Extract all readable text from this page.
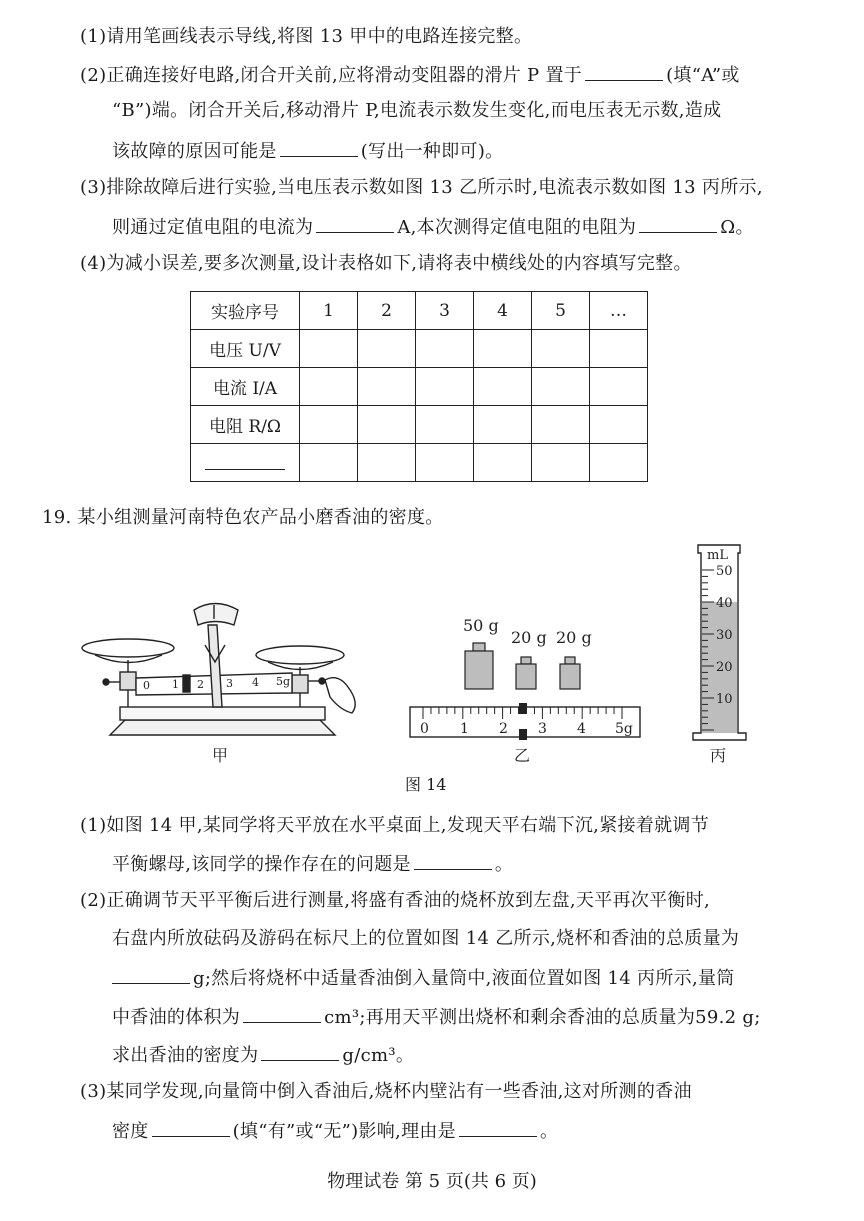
(1)请用笔画线表示导线,将图 13 甲中的电路连接完整。
(2)正确连接好电路,闭合开关前,应将滑动变阻器的滑片 P 置于	(填“A”或
“B”)端。闭合开关后,移动滑片 P,电流表示数发生变化,而电压表无示数,造成
该故障的原因可能是	(写出一种即可)。
(3)排除故障后进行实验,当电压表示数如图 13 乙所示时,电流表示数如图 13 丙所示,
则通过定值电阻的电流为	A,本次测得定值电阻的电阻为	Ω。
(4)为减小误差,要多次测量,设计表格如下,请将表中横线处的内容填写完整。
实验序号	1	2	3	4	5	…
电压 U/V						
电流 I/A						
电阻 R/Ω						

19. 某小组测量河南特色农产品小磨香油的密度。
0 1 2 3 4 5g
甲
50 g
20 g 20 g
0 1 2 3 4 5g
乙
mL
50
40
30
20
10
丙
图 14
(1)如图 14 甲,某同学将天平放在水平桌面上,发现天平右端下沉,紧接着就调节
平衡螺母,该同学的操作存在的问题是	。
(2)正确调节天平平衡后进行测量,将盛有香油的烧杯放到左盘,天平再次平衡时,
右盘内所放砝码及游码在标尺上的位置如图 14 乙所示,烧杯和香油的总质量为
g;然后将烧杯中适量香油倒入量筒中,液面位置如图 14 丙所示,量筒
中香油的体积为	cm³;再用天平测出烧杯和剩余香油的总质量为59.2 g;
求出香油的密度为	g/cm³。
(3)某同学发现,向量筒中倒入香油后,烧杯内壁沾有一些香油,这对所测的香油
密度	(填“有”或“无”)影响,理由是	。
物理试卷 第 5 页(共 6 页)
